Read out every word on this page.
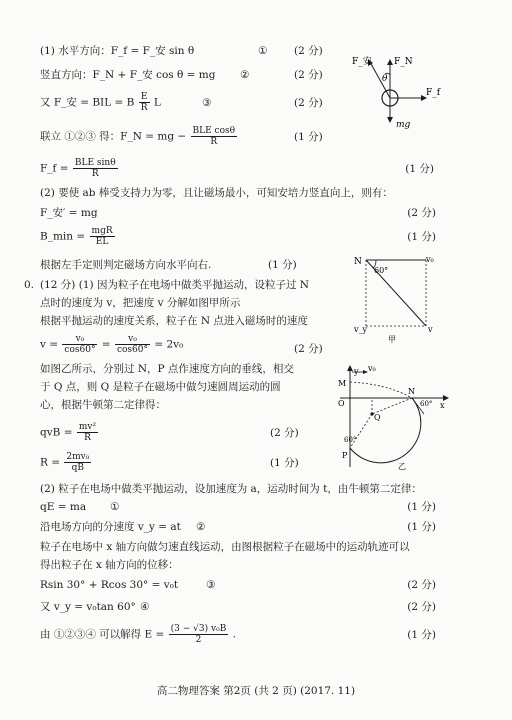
(1) 水平方向：F_f = F_安 sin θ	①	(2 分)
竖直方向：F_N + F_安 cos θ = mg ②	(2 分)
又 F_安 = BIL = B $\frac{E}{R}$ L	③	(2 分)
联立 ①②③ 得：F_N = mg − $\frac{\text{BLE cosθ}}{R}$	(1 分)
F_f = $\frac{\text{BLE sinθ}}{R}$	(1 分)
F_安 F_N
θ
F_f
mg
(2) 要使 ab 棒受支持力为零，且让磁场最小，可知安培力竖直向上，则有：
F_安′ = mg	(2 分)
B_min = $\frac{\text{mgR}}{EL}$	(1 分)
根据左手定则判定磁场方向水平向右.	(1 分)
0. (12 分) (1) 因为粒子在电场中做类平抛运动，设粒子过 N
点时的速度为 v，把速度 v 分解如图甲所示
根据平抛运动的速度关系，粒子在 N 点进入磁场时的速度
$v = \frac{\text{v₀}}{\cos 60^\circ} = \frac{\text{v₀}}{\cos 60^\circ} = 2v_0$	(2 分)
如图乙所示，分别过 N，P 点作速度方向的垂线，相交
于 Q 点，则 Q 是粒子在磁场中做匀速圆周运动的圆
心，根据牛顿第二定律得：
qvB = $\frac{\text{mv²}}{R}$	(2 分)
$R = \frac{\text{2mv₀}}{qB}$	(1 分)
N
60°
v₀
v_y	v
甲
y v₀
M
O
N
x
Q
60°
60°
P
乙
(2) 粒子在电场中做类平抛运动，设加速度为 a，运动时间为 t，由牛顿第二定律：
qE = ma ①	(1 分)
沿电场方向的分速度 v_y = at ②	(1 分)
粒子在电场中 x 轴方向做匀速直线运动，由图根据粒子在磁场中的运动轨迹可以
得出粒子在 x 轴方向的位移：
Rsin 30° + Rcos 30° = v₀t	③	(2 分)
又 v_y = v₀tan 60° ④	(2 分)
由 ①②③④ 可以解得 $E = \frac{\text{(3 − √3) v₀B}}{2}$ .	(1 分)
高二物理答案 第2页 (共 2 页) (2017. 11)
